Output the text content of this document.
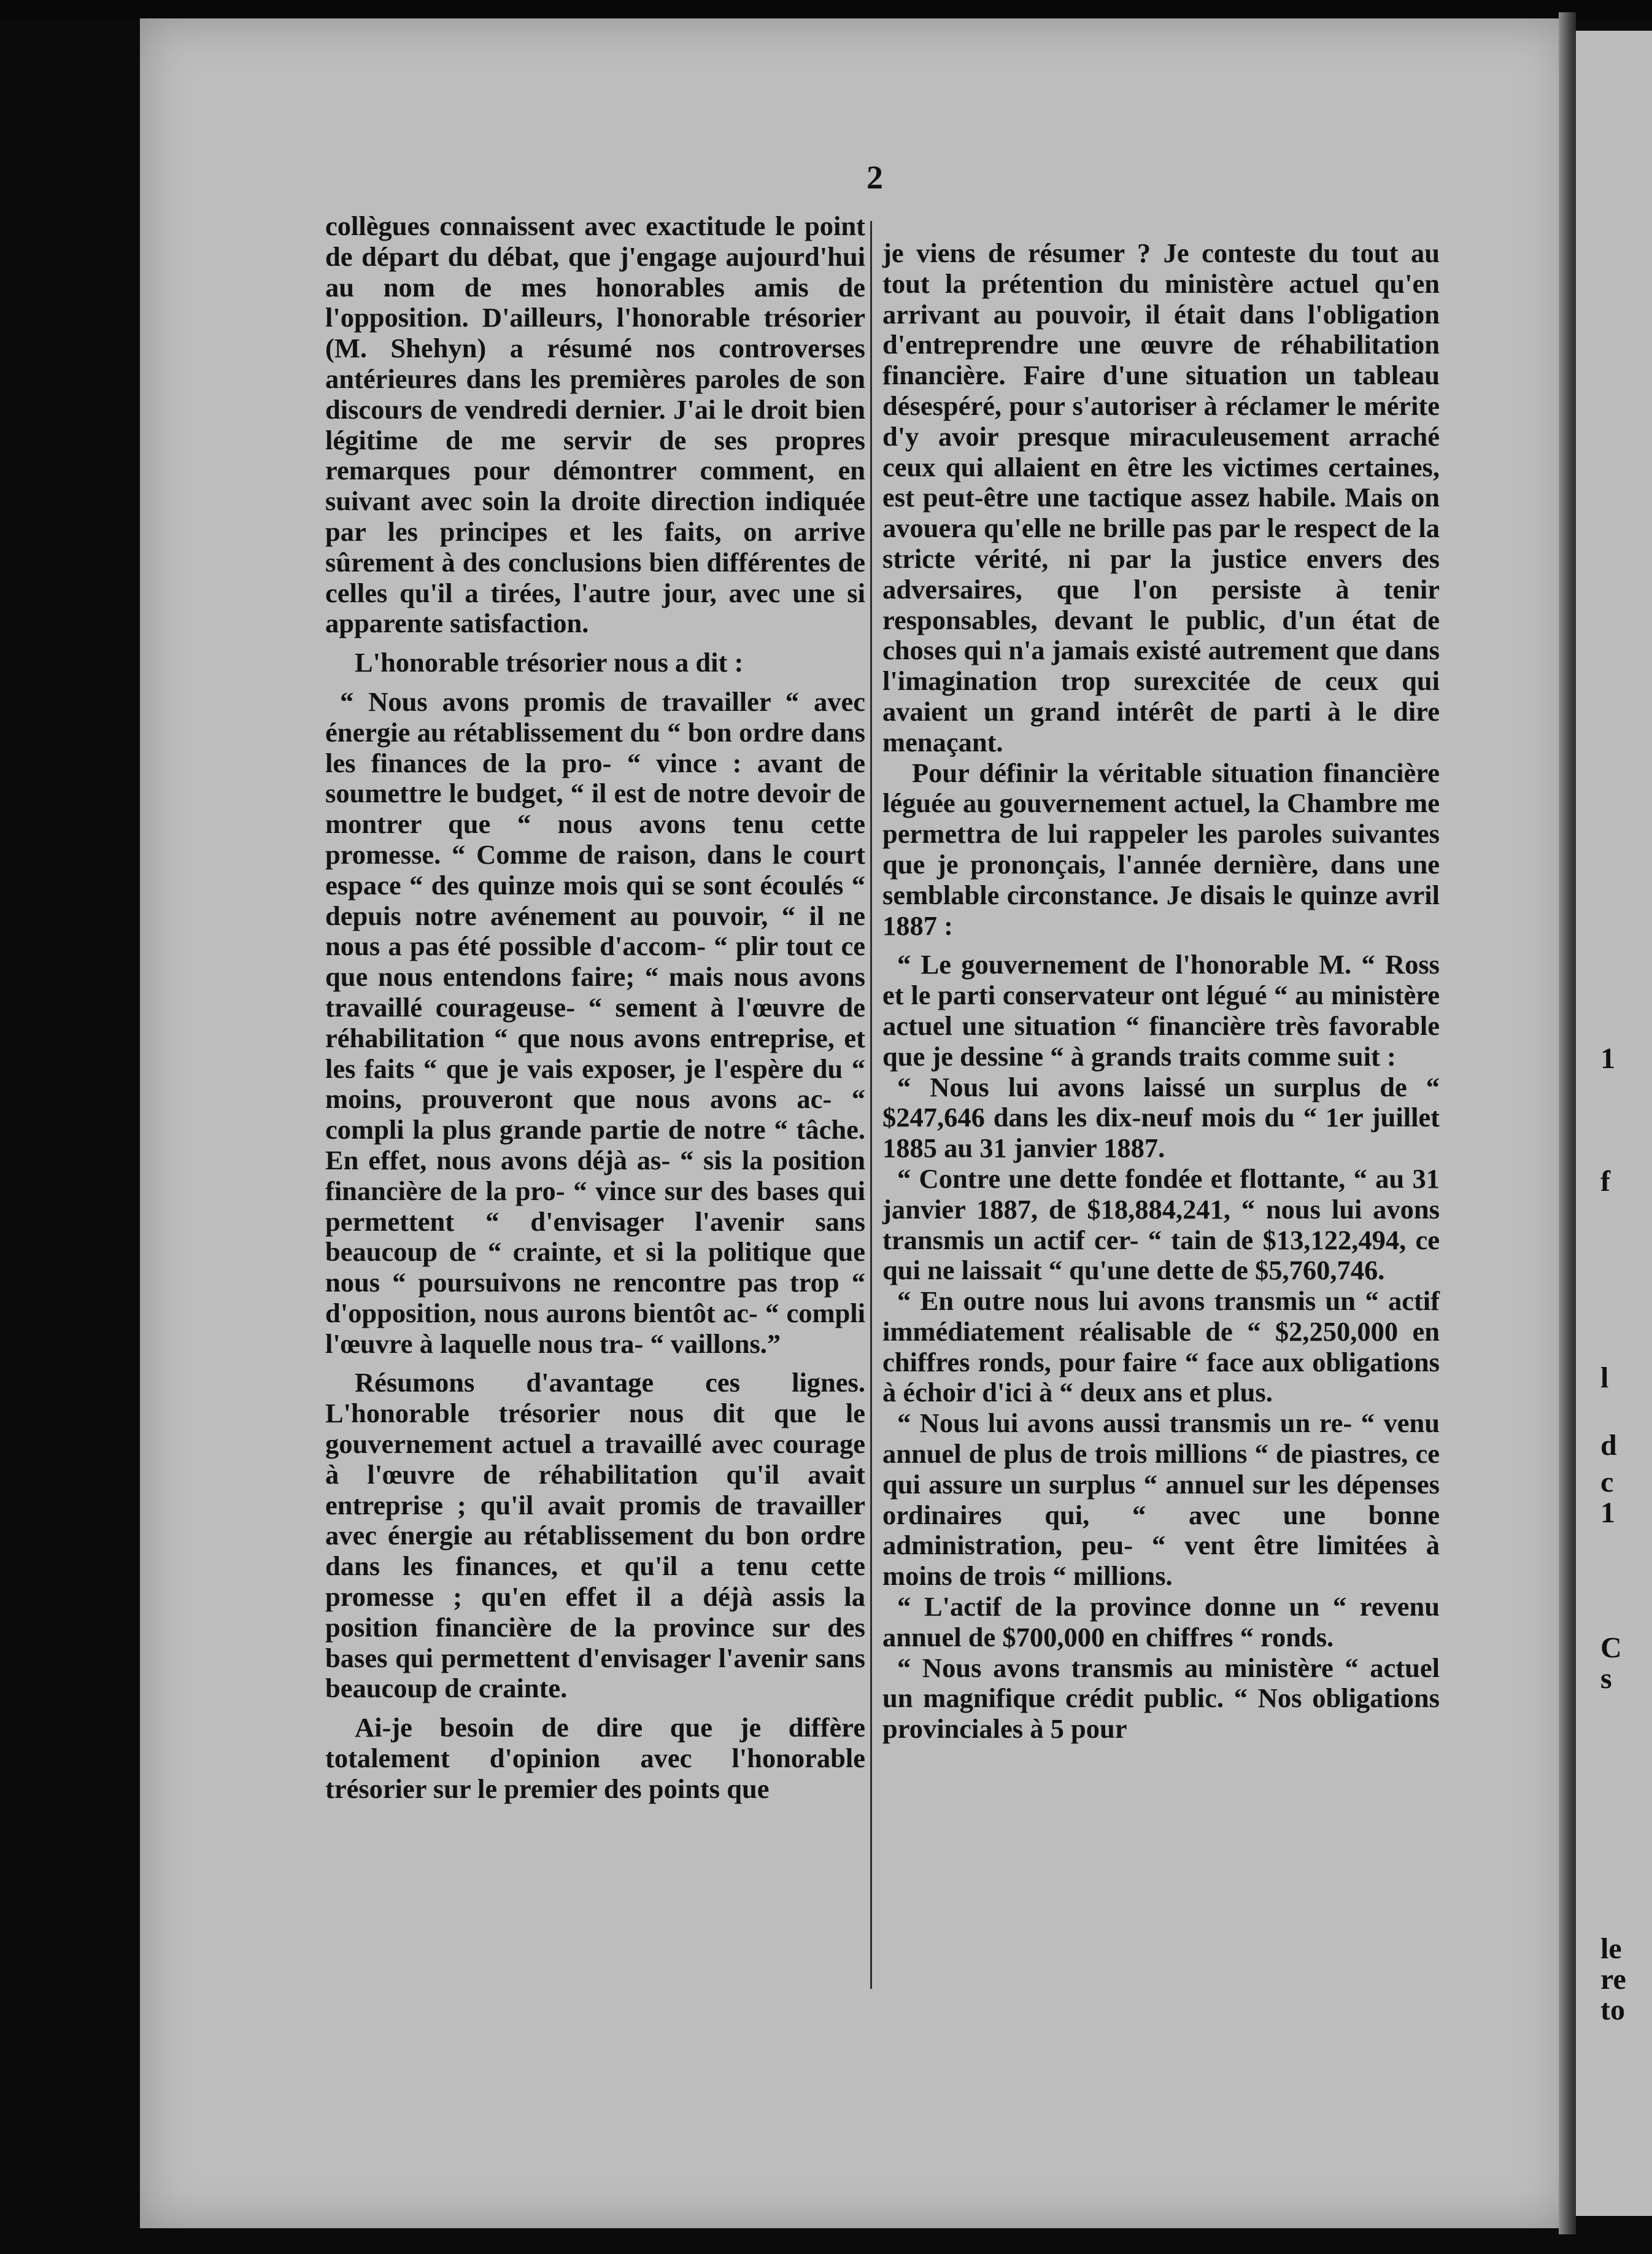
2
collègues connaissent avec exactitude le point de départ du débat, que j'engage aujourd'hui au nom de mes honorables amis de l'opposition. D'ailleurs, l'honorable trésorier (M. Shehyn) a résumé nos controverses antérieures dans les premières paroles de son discours de vendredi dernier. J'ai le droit bien légitime de me servir de ses propres remarques pour démontrer comment, en suivant avec soin la droite direction indiquée par les principes et les faits, on arrive sûrement à des conclusions bien différentes de celles qu'il a tirées, l'autre jour, avec une si apparente satisfaction.
L'honorable trésorier nous a dit :
“ Nous avons promis de travailler “ avec énergie au rétablissement du “ bon ordre dans les finances de la pro- “ vince : avant de soumettre le budget, “ il est de notre devoir de montrer que “ nous avons tenu cette promesse. “ Comme de raison, dans le court espace “ des quinze mois qui se sont écoulés “ depuis notre avénement au pouvoir, “ il ne nous a pas été possible d'accom- “ plir tout ce que nous entendons faire; “ mais nous avons travaillé courageuse- “ sement à l'œuvre de réhabilitation “ que nous avons entreprise, et les faits “ que je vais exposer, je l'espère du “ moins, prouveront que nous avons ac- “ compli la plus grande partie de notre “ tâche. En effet, nous avons déjà as- “ sis la position financière de la pro- “ vince sur des bases qui permettent “ d'envisager l'avenir sans beaucoup de “ crainte, et si la politique que nous “ poursuivons ne rencontre pas trop “ d'opposition, nous aurons bientôt ac- “ compli l'œuvre à laquelle nous tra- “ vaillons.”
Résumons d'avantage ces lignes. L'honorable trésorier nous dit que le gouvernement actuel a travaillé avec courage à l'œuvre de réhabilitation qu'il avait entreprise ; qu'il avait promis de travailler avec énergie au rétablissement du bon ordre dans les finances, et qu'il a tenu cette promesse ; qu'en effet il a déjà assis la position financière de la province sur des bases qui permettent d'envisager l'avenir sans beaucoup de crainte.
Ai-je besoin de dire que je diffère totalement d'opinion avec l'honorable trésorier sur le premier des points que
je viens de résumer ? Je conteste du tout au tout la prétention du ministère actuel qu'en arrivant au pouvoir, il était dans l'obligation d'entreprendre une œuvre de réhabilitation financière. Faire d'une situation un tableau désespéré, pour s'autoriser à réclamer le mérite d'y avoir presque miraculeusement arraché ceux qui allaient en être les victimes certaines, est peut-être une tactique assez habile. Mais on avouera qu'elle ne brille pas par le respect de la stricte vérité, ni par la justice envers des adversaires, que l'on persiste à tenir responsables, devant le public, d'un état de choses qui n'a jamais existé autrement que dans l'imagination trop surexcitée de ceux qui avaient un grand intérêt de parti à le dire menaçant.
Pour définir la véritable situation financière léguée au gouvernement actuel, la Chambre me permettra de lui rappeler les paroles suivantes que je prononçais, l'année dernière, dans une semblable circonstance. Je disais le quinze avril 1887 :
“ Le gouvernement de l'honorable M. “ Ross et le parti conservateur ont légué “ au ministère actuel une situation “ financière très favorable que je dessine “ à grands traits comme suit :
“ Nous lui avons laissé un surplus de “ $247,646 dans les dix-neuf mois du “ 1er juillet 1885 au 31 janvier 1887.
“ Contre une dette fondée et flottante, “ au 31 janvier 1887, de $18,884,241, “ nous lui avons transmis un actif cer- “ tain de $13,122,494, ce qui ne laissait “ qu'une dette de $5,760,746.
“ En outre nous lui avons transmis un “ actif immédiatement réalisable de “ $2,250,000 en chiffres ronds, pour faire “ face aux obligations à échoir d'ici à “ deux ans et plus.
“ Nous lui avons aussi transmis un re- “ venu annuel de plus de trois millions “ de piastres, ce qui assure un surplus “ annuel sur les dépenses ordinaires qui, “ avec une bonne administration, peu- “ vent être limitées à moins de trois “ millions.
“ L'actif de la province donne un “ revenu annuel de $700,000 en chiffres “ ronds.
“ Nous avons transmis au ministère “ actuel un magnifique crédit public. “ Nos obligations provinciales à 5 pour
1
C
s
1
f
d
l
c
le
re
to
